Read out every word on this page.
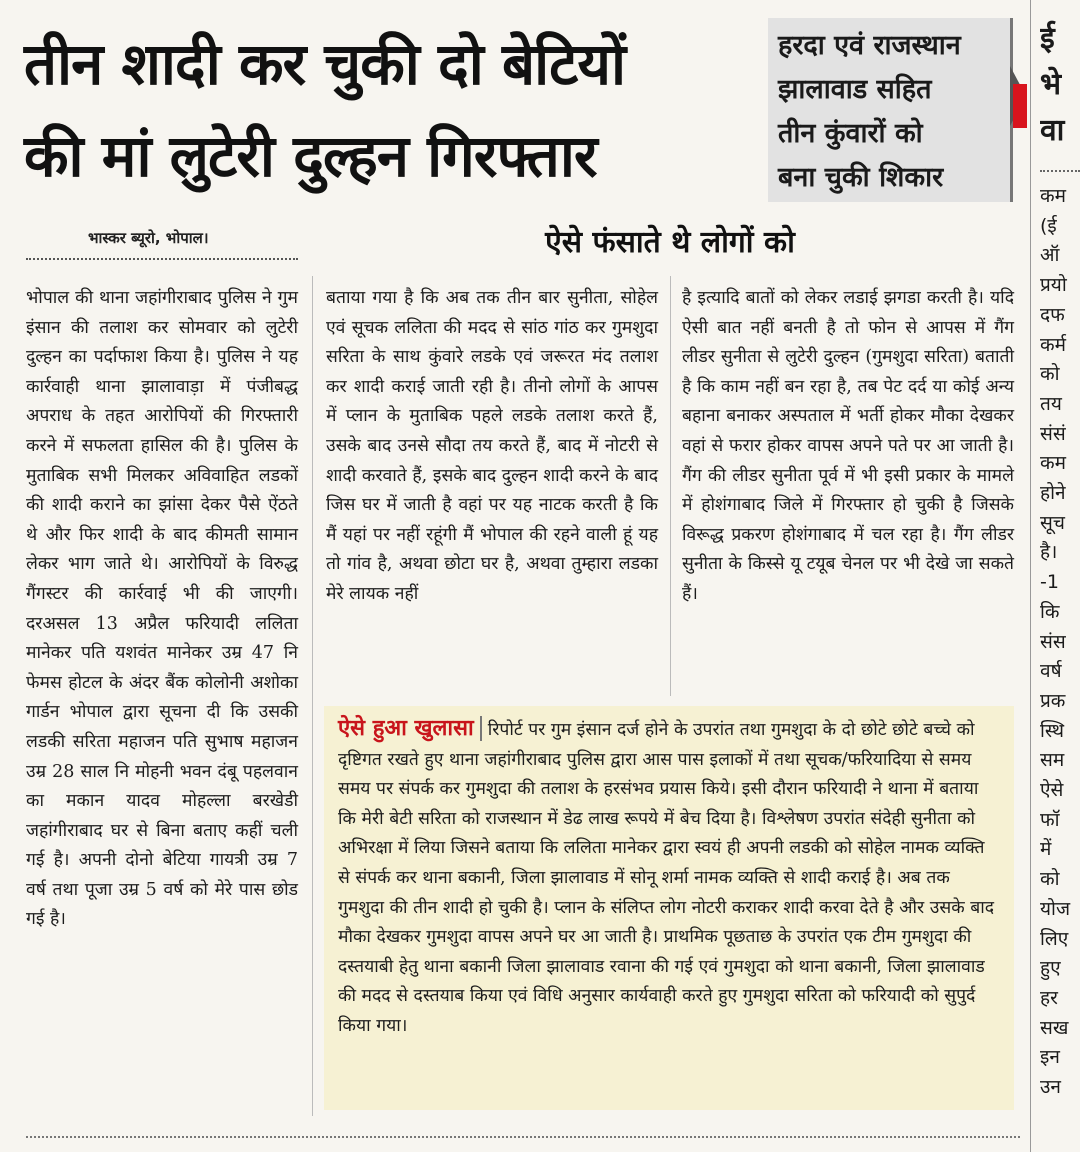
तीन शादी कर चुकी दो बेटियों
की मां लुटेरी दुल्हन गिरफ्तार
हरदा एवं राजस्थान
झालावाड सहित
तीन कुंवारों को
बना चुकी शिकार
ई
भे
वा
कम
(ई
ऑ
प्रयो
दफ
कर्म
को
तय
संसं
कम
होने
सूच
है।
-1
कि
संस
वर्ष
प्रक
स्थि
सम
ऐसे
फॉ
में
को
योज
लिए
हुए
हर
सख
इन
उन
भास्कर ब्यूरो, भोपाल।	ऐसे फंसाते थे लोगों को
भोपाल की थाना जहांगीराबाद पुलिस ने गुम इंसान की तलाश कर सोमवार को लुटेरी दुल्हन का पर्दाफाश किया है। पुलिस ने यह कार्रवाही थाना झालावाड़ा में पंजीबद्ध अपराध के तहत आरोपियों की गिरफ्तारी करने में सफलता हासिल की है। पुलिस के मुताबिक सभी मिलकर अविवाहित लडकों की शादी कराने का झांसा देकर पैसे ऐंठते थे और फिर शादी के बाद कीमती सामान लेकर भाग जाते थे। आरोपियों के विरुद्ध गैंगस्टर की कार्रवाई भी की जाएगी।दरअसल 13 अप्रैल फरियादी ललिता मानेकर पति यशवंत मानेकर उम्र 47 नि फेमस होटल के अंदर बैंक कोलोनी अशोका गार्डन भोपाल द्वारा सूचना दी कि उसकी लडकी सरिता महाजन पति सुभाष महाजन उम्र 28 साल नि मोहनी भवन दंबू पहलवान का मकान यादव मोहल्ला बरखेडी जहांगीराबाद घर से बिना बताए कहीं चली गई है। अपनी दोनो बेटिया गायत्री उम्र 7 वर्ष तथा पूजा उम्र 5 वर्ष को मेरे पास छोड गई है।
बताया गया है कि अब तक तीन बार सुनीता, सोहेल एवं सूचक ललिता की मदद से सांठ गांठ कर गुमशुदा सरिता के साथ कुंवारे लडके एवं जरूरत मंद तलाश कर शादी कराई जाती रही है। तीनो लोगों के आपस में प्लान के मुताबिक पहले लडके तलाश करते हैं, उसके बाद उनसे सौदा तय करते हैं, बाद में नोटरी से शादी करवाते हैं, इसके बाद दुल्हन शादी करने के बाद जिस घर में जाती है वहां पर यह नाटक करती है कि मैं यहां पर नहीं रहूंगी मैं भोपाल की रहने वाली हूं यह तो गांव है, अथवा छोटा घर है, अथवा तुम्हारा लडका मेरे लायक नहीं
है इत्यादि बातों को लेकर लडाई झगडा करती है। यदि ऐसी बात नहीं बनती है तो फोन से आपस में गैंग लीडर सुनीता से लुटेरी दुल्हन (गुमशुदा सरिता) बताती है कि काम नहीं बन रहा है, तब पेट दर्द या कोई अन्य बहाना बनाकर अस्पताल में भर्ती होकर मौका देखकर वहां से फरार होकर वापस अपने पते पर आ जाती है। गैंग की लीडर सुनीता पूर्व में भी इसी प्रकार के मामले में होशंगाबाद जिले में गिरफ्तार हो चुकी है जिसके विरूद्ध प्रकरण होशंगाबाद में चल रहा है। गैंग लीडर सुनीता के किस्से यू टयूब चेनल पर भी देखे जा सकते हैं।
ऐसे हुआ खुलासा रिपोर्ट पर गुम इंसान दर्ज होने के उपरांत तथा गुमशुदा के दो छोटे छोटे बच्चे को दृष्टिगत रखते हुए थाना जहांगीराबाद पुलिस द्वारा आस पास इलाकों में तथा सूचक/फरियादिया से समय समय पर संपर्क कर गुमशुदा की तलाश के हरसंभव प्रयास किये। इसी दौरान फरियादी ने थाना में बताया कि मेरी बेटी सरिता को राजस्थान में डेढ लाख रूपये में बेच दिया है। विश्लेषण उपरांत संदेही सुनीता को अभिरक्षा में लिया जिसने बताया कि ललिता मानेकर द्वारा स्वयं ही अपनी लडकी को सोहेल नामक व्यक्ति से संपर्क कर थाना बकानी, जिला झालावाड में सोनू शर्मा नामक व्यक्ति से शादी कराई है। अब तक गुमशुदा की तीन शादी हो चुकी है। प्लान के संलिप्त लोग नोटरी कराकर शादी करवा देते है और उसके बाद मौका देखकर गुमशुदा वापस अपने घर आ जाती है। प्राथमिक पूछताछ के उपरांत एक टीम गुमशुदा की दस्तयाबी हेतु थाना बकानी जिला झालावाड रवाना की गई एवं गुमशुदा को थाना बकानी, जिला झालावाड की मदद से दस्तयाब किया एवं विधि अनुसार कार्यवाही करते हुए गुमशुदा सरिता को फरियादी को सुपुर्द किया गया।
